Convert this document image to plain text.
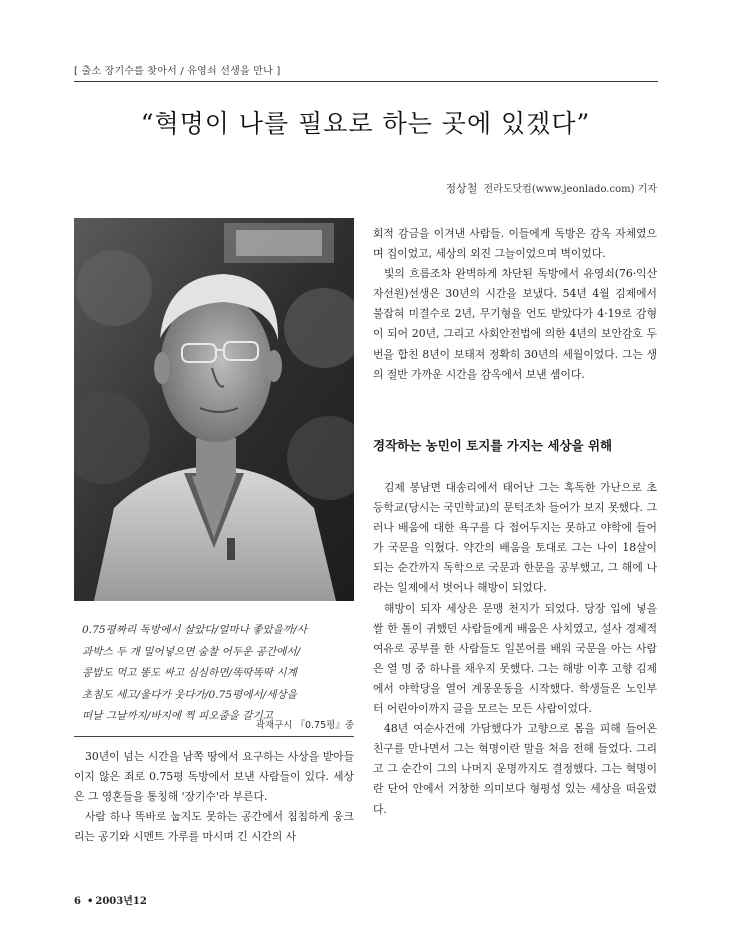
[ 출소 장기수를 찾아서 / 유영쇠 선생을 만나 ]
“혁명이 나를 필요로 하는 곳에 있겠다”
정상철 전라도닷컴(www.jeonlado.com) 기자
0.75평짜리 독방에서 살았다/얼마나 좋았을까/사
과박스 두 개 밀어넣으면 숨찰 어두운 공간에서/
콩밥도 먹고 똥도 싸고 심심하면/똑딱똑딱 시계
초침도 세고/울다가 웃다가/0.75평에서/세상을
떠날 그날까지/바지에 찍 피오줌을 갈기고
곽재구시 『0.75평』중

30년이 넘는 시간을 남쪽 땅에서 요구하는 사상을 받아들이지 않은 죄로 0.75평 독방에서 보낸 사람들이 있다. 세상은 그 영혼들을 통칭해 '장기수'라 부른다.

사람 하나 똑바로 눕지도 못하는 공간에서 침침하게 웅크리는 공기와 시멘트 가루를 마시며 긴 시간의 사

회적 감금을 이겨낸 사람들. 이들에게 독방은 감옥 자체였으며 집이었고, 세상의 외진 그늘이었으며 벽이었다.

빛의 흐름조차 완벽하게 차단된 독방에서 유영쇠(76·익산자선원)선생은 30년의 시간을 보냈다. 54년 4월 김제에서 불잡혀 미결수로 2년, 무기형을 언도 받았다가 4·19로 감형이 되어 20년, 그리고 사회안전법에 의한 4년의 보안감호 두 번을 합친 8년이 보태져 정확히 30년의 세월이었다. 그는 생의 절반 가까운 시간을 감옥에서 보낸 셈이다.

경작하는 농민이 토지를 가지는 세상을 위해

김제 봉남면 대송리에서 태어난 그는 혹독한 가난으로 초등학교(당시는 국민학교)의 문턱조차 들어가 보지 못했다. 그러나 배움에 대한 욕구를 다 접어두지는 못하고 야학에 들어가 국문을 익혔다. 약간의 배움을 토대로 그는 나이 18살이 되는 순간까지 독학으로 국문과 한문을 공부했고, 그 해에 나라는 일제에서 벗어나 해방이 되었다.

해방이 되자 세상은 문맹 천지가 되었다. 당장 입에 넣을 쌀 한 톨이 귀했던 사람들에게 배움은 사치였고, 설사 경제적 여유로 공부를 한 사람들도 일본어를 배워 국문을 아는 사람은 열 명 중 하나를 채우지 못했다. 그는 해방 이후 고향 김제에서 야학당을 열어 계몽운동을 시작했다. 학생들은 노인부터 어린아이까지 글을 모르는 모든 사람이었다.

48년 여순사건에 가담했다가 고향으로 몸을 피해 들어온 친구를 만나면서 그는 혁명이란 말을 처음 전해 들었다. 그리고 그 순간이 그의 나머지 운명까지도 결정했다. 그는 혁명이란 단어 안에서 거창한 의미보다 형평성 있는 세상을 떠올렸다.

6 • 2003년12
